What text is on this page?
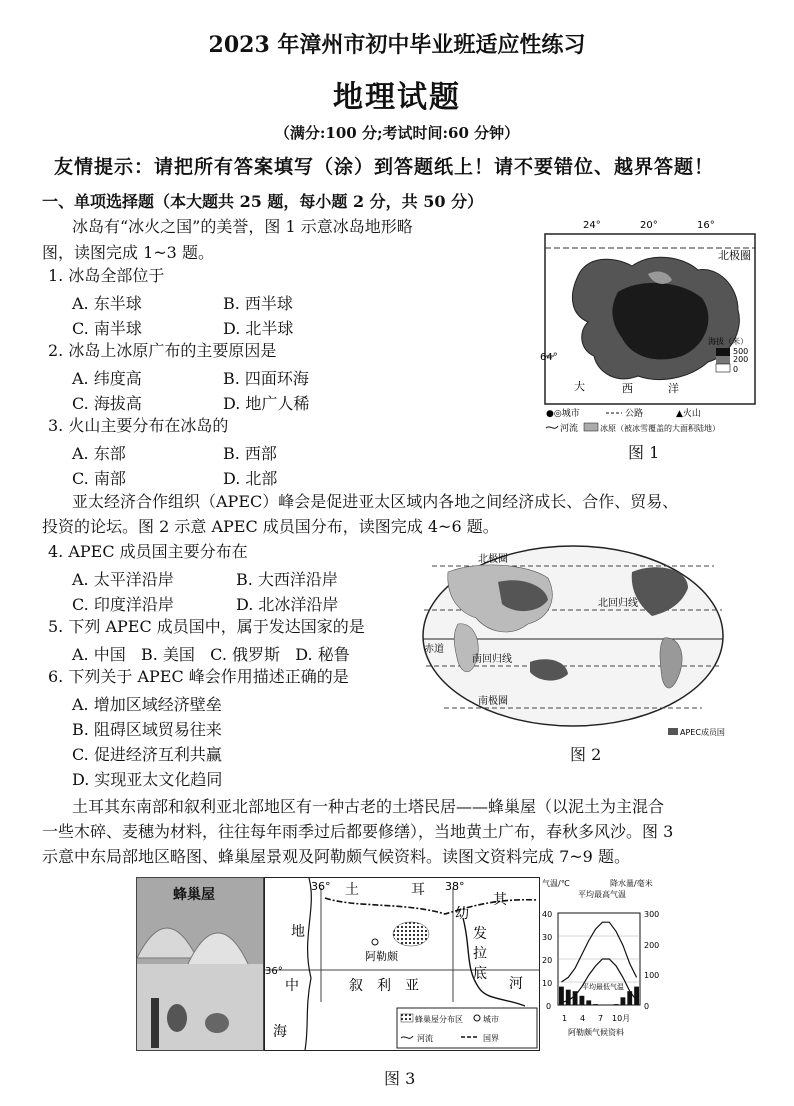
2023 年漳州市初中毕业班适应性练习
地理试题
（满分:100 分;考试时间:60 分钟）
友情提示：请把所有答案填写（涂）到答题纸上！请不要错位、越界答题！
一、单项选择题（本大题共 25 题，每小题 2 分，共 50 分）
冰岛有“冰火之国”的美誉，图 1 示意冰岛地形略
图，读图完成 1~3 题。
1. 冰岛全部位于
A. 东半球	B. 西半球
C. 南半球	D. 北半球
2. 冰岛上冰原广布的主要原因是
A. 纬度高	B. 四面环海
C. 海拔高	D. 地广人稀
3. 火山主要分布在冰岛的
A. 东部	B. 西部
C. 南部	D. 北部
24°	20°	16°
北极圈
64°
大	西	洋
海拔（米）
500
200
0
●◎城市	公路	▲火山
河流	冰原（被冰雪覆盖的大面积陆地）
图 1
亚太经济合作组织（APEC）峰会是促进亚太区域内各地之间经济成长、合作、贸易、
投资的论坛。图 2 示意 APEC 成员国分布，读图完成 4~6 题。
4. APEC 成员国主要分布在
A. 太平洋沿岸	B. 大西洋沿岸
C. 印度洋沿岸	D. 北冰洋沿岸
5. 下列 APEC 成员国中，属于发达国家的是
A. 中国   B. 美国   C. 俄罗斯   D. 秘鲁
6. 下列关于 APEC 峰会作用描述正确的是
A. 增加区域经济壁垒
B. 阻碍区域贸易往来
C. 促进经济互利共赢
D. 实现亚太文化趋同
北极圈
北回归线
赤道
南回归线
南极圈
APEC成员国
图 2
土耳其东南部和叙利亚北部地区有一种古老的土塔民居——蜂巢屋（以泥土为主混合
一些木碎、麦穗为材料，往往每年雨季过后都要修缮），当地黄土广布，春秋多风沙。图 3
示意中东局部地区略图、蜂巢屋景观及阿勒颇气候资料。读图文资料完成 7~9 题。
蜂巢屋
36°
36°	38°
土	耳
其
地
中
海
幼
发
拉
底
河
叙　利　亚
阿勒颇
蜂巢屋分布区	城市
河流	国界
气温/℃	降水量/毫米
平均最高气温
平均最低气温
1 4 7 10月
阿勒颇气候资料
40
30
20
10
0
300
200
100
0
图 3
